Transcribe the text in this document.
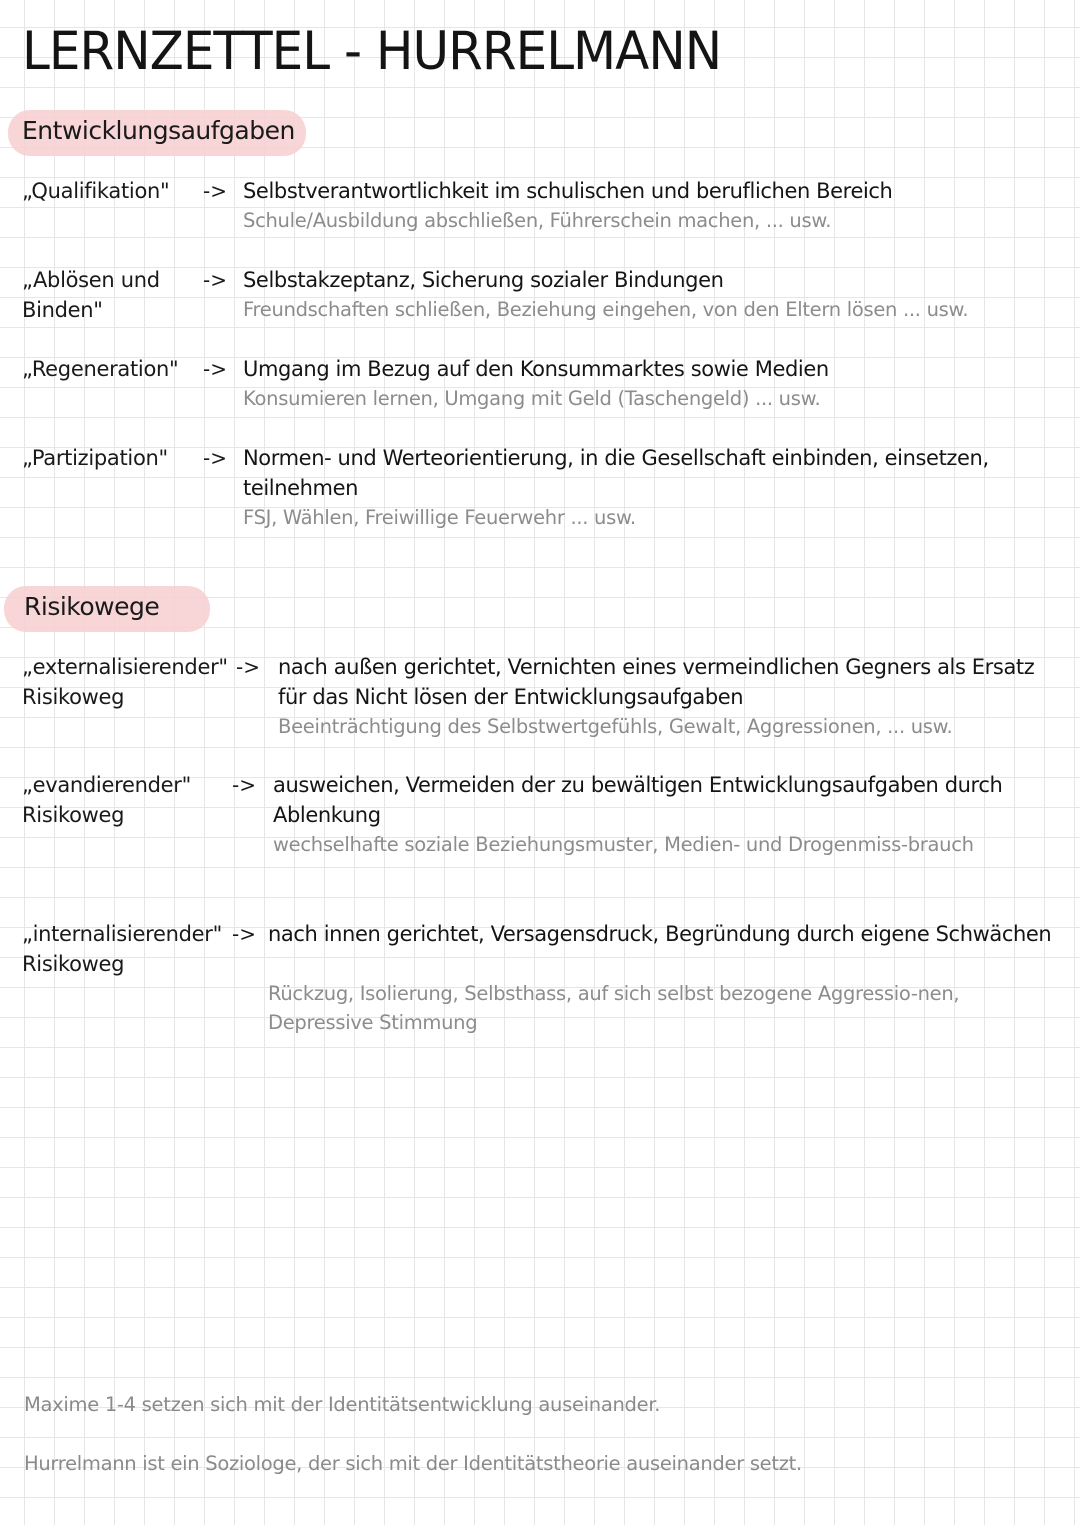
LERNZETTEL - HURRELMANN
Entwicklungsaufgaben
„Qualifikation"	-> Selbstverantwortlichkeit im schulischen und beruflichen Bereich
Schule/Ausbildung abschließen, Führerschein machen, ... usw.
„Ablösen und Binden"
-> Selbstakzeptanz, Sicherung sozialer Bindungen
Freundschaften schließen, Beziehung eingehen, von den Eltern lösen ... usw.
„Regeneration"	-> Umgang im Bezug auf den Konsummarktes sowie Medien
Konsumieren lernen, Umgang mit Geld (Taschengeld) ... usw.
„Partizipation"	-> Normen- und Werteorientierung, in die Gesellschaft einbinden, einsetzen, teilnehmen
FSJ, Wählen, Freiwillige Feuerwehr ... usw.
Risikowege
„externalisierender" Risikoweg
-> nach außen gerichtet, Vernichten eines vermeindlichen Gegners als Ersatz für das Nicht lösen der Entwicklungsaufgaben
Beeinträchtigung des Selbstwertgefühls, Gewalt, Aggressionen, ... usw.
„evandierender" Risikoweg
-> ausweichen, Vermeiden der zu bewältigen Entwicklungsaufgaben durch Ablenkung
wechselhafte soziale Beziehungsmuster, Medien- und Drogenmiss-brauch
„internalisierender" Risikoweg
-> nach innen gerichtet, Versagensdruck, Begründung durch eigene Schwächen
Rückzug, Isolierung, Selbsthass, auf sich selbst bezogene Aggressio-nen, Depressive Stimmung
Maxime 1-4 setzen sich mit der Identitätsentwicklung auseinander.
Hurrelmann ist ein Soziologe, der sich mit der Identitätstheorie auseinander setzt.
